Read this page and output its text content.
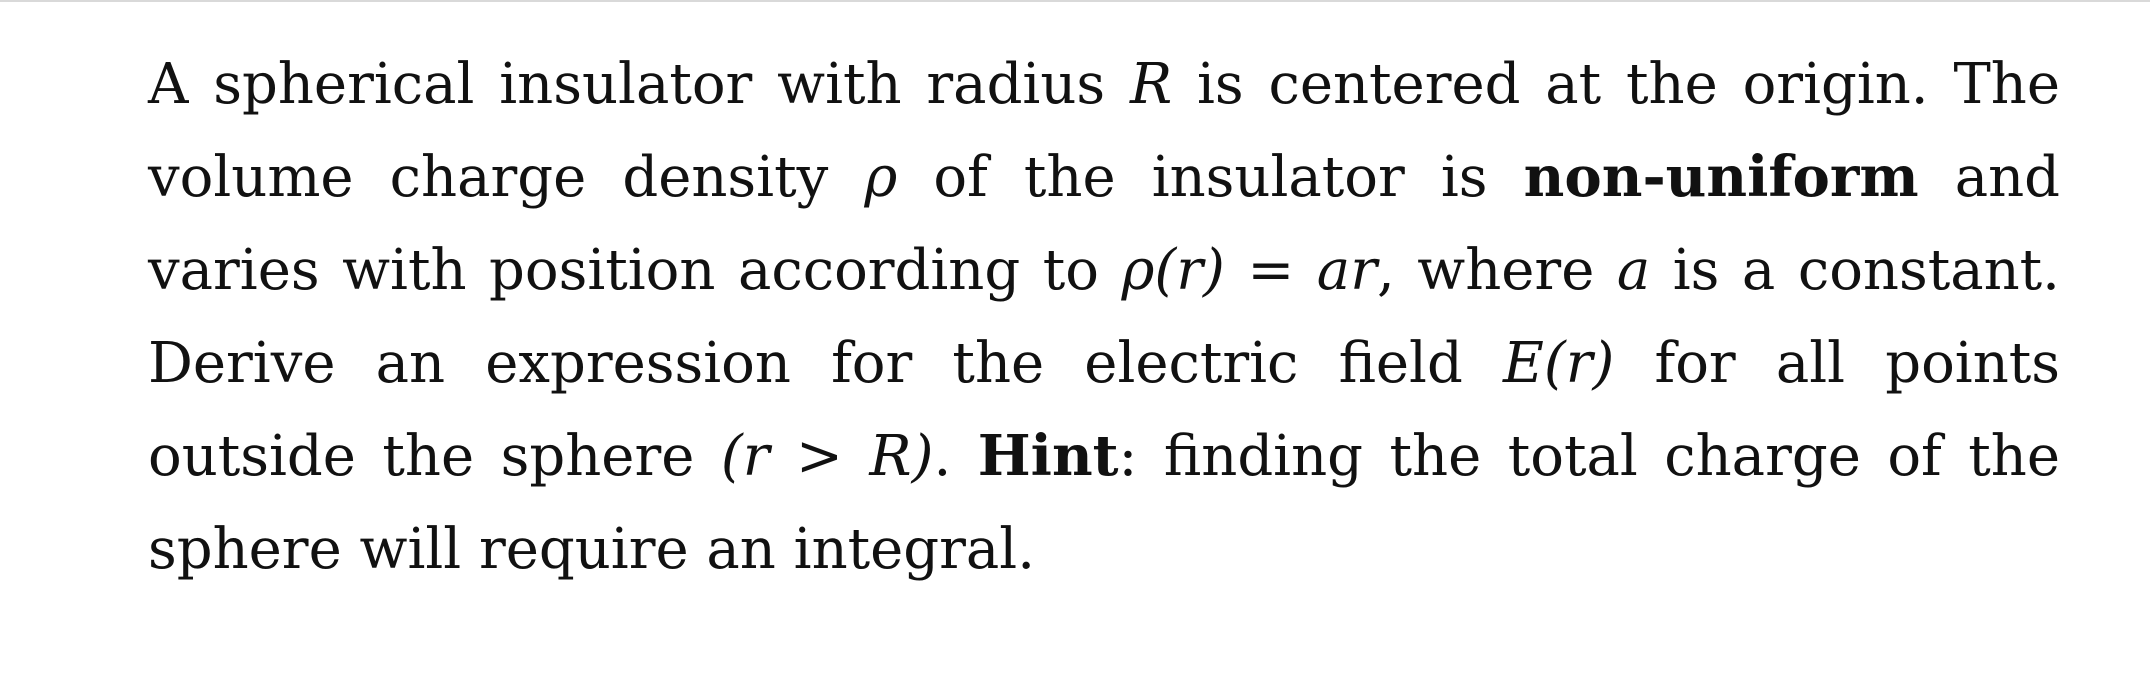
A spherical insulator with radius R is centered at the origin. The volume charge density ρ of the insulator is non-uniform and varies with position according to ρ(r) = ar, where a is a constant. Derive an expression for the electric field E(r) for all points outside the sphere (r > R). Hint: finding the total charge of the sphere will require an integral.
